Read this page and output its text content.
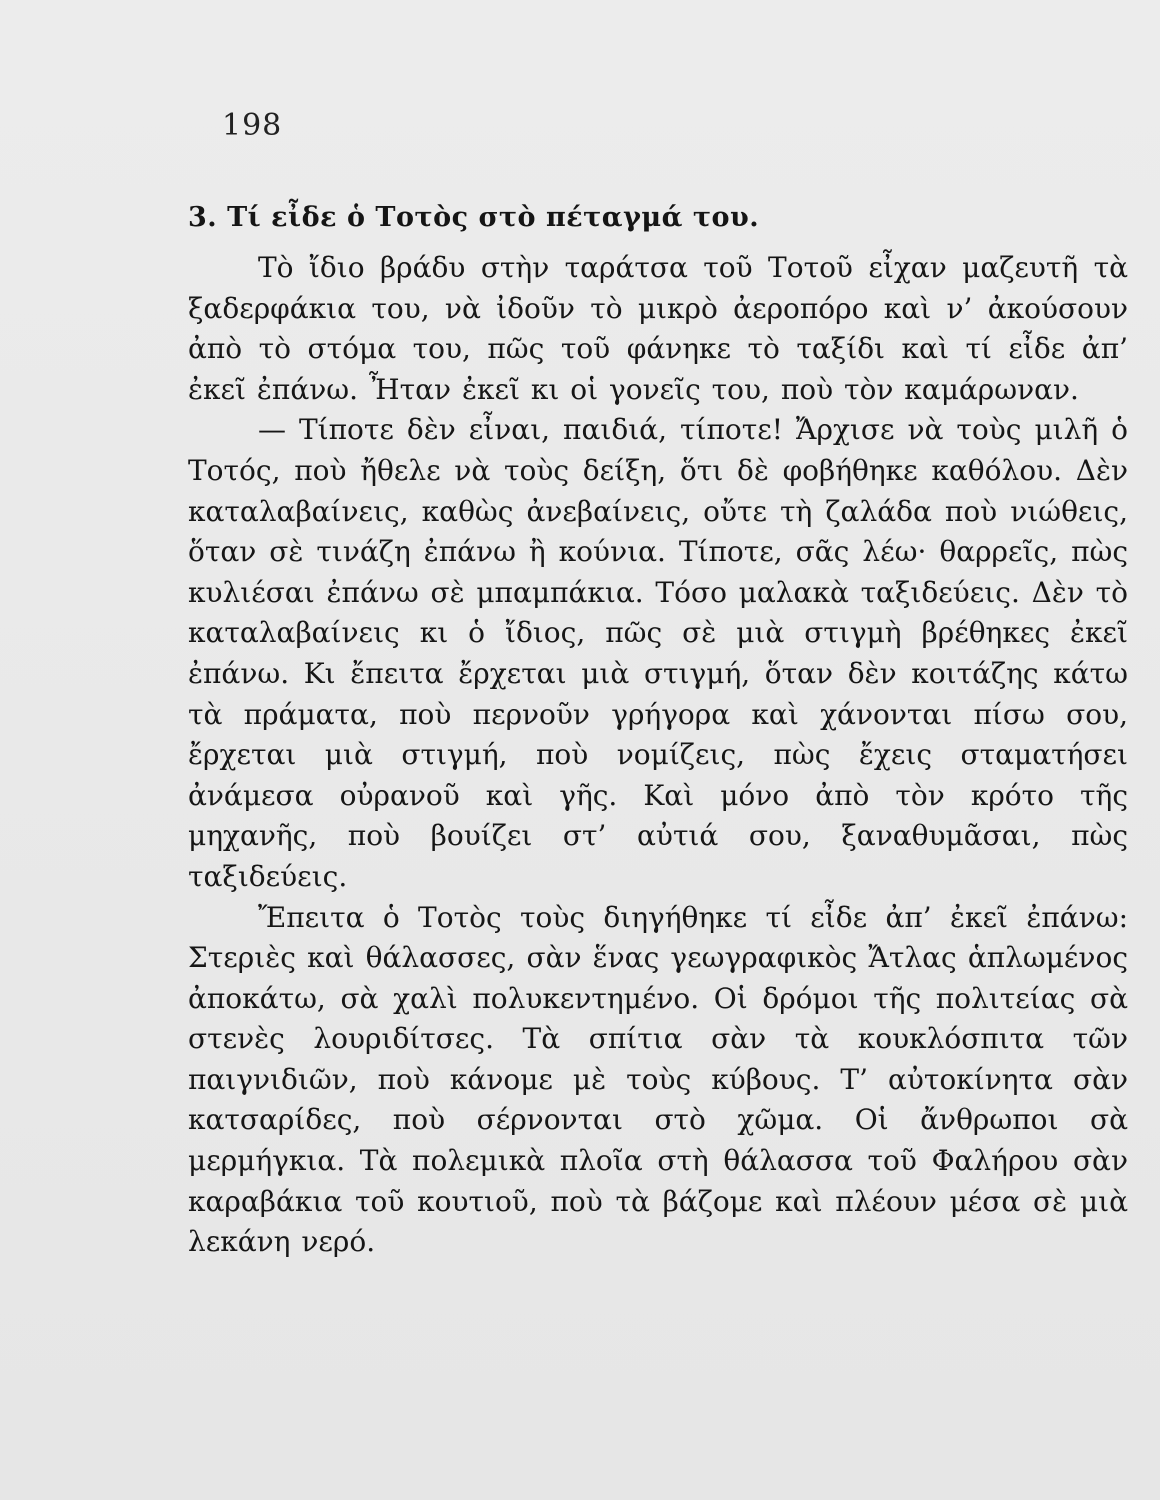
198
3. Τί εἶδε ὁ Τοτὸς στὸ πέταγμά του.

Τὸ ἴδιο βράδυ στὴν ταράτσα τοῦ Τοτοῦ εἶχαν μαζευτῆ τὰ ξαδερφάκια του, νὰ ἰδοῦν τὸ μικρὸ ἀεροπόρο καὶ ν’ ἀκούσουν ἀπὸ τὸ στόμα του, πῶς τοῦ φάνηκε τὸ ταξίδι καὶ τί εἶδε ἀπ’ ἐκεῖ ἐπάνω. Ἦταν ἐκεῖ κι οἱ γονεῖς του, ποὺ τὸν καμάρωναν.

— Τίποτε δὲν εἶναι, παιδιά, τίποτε! Ἄρχισε νὰ τοὺς μιλῆ ὁ Τοτός, ποὺ ἤθελε νὰ τοὺς δείξη, ὅτι δὲ φοβήθηκε καθόλου. Δὲν καταλαβαίνεις, καθὼς ἀνεβαίνεις, οὔτε τὴ ζαλάδα ποὺ νιώθεις, ὅταν σὲ τινάζη ἐπάνω ἢ κούνια. Τίποτε, σᾶς λέω· θαρρεῖς, πὼς κυλιέσαι ἐπάνω σὲ μπαμπάκια. Τόσο μαλακὰ ταξιδεύεις. Δὲν τὸ καταλαβαίνεις κι ὁ ἴδιος, πῶς σὲ μιὰ στιγμὴ βρέθηκες ἐκεῖ ἐπάνω. Κι ἔπειτα ἔρχεται μιὰ στιγμή, ὅταν δὲν κοιτάζης κάτω τὰ πράματα, ποὺ περνοῦν γρήγορα καὶ χάνονται πίσω σου, ἔρχεται μιὰ στιγμή, ποὺ νομίζεις, πὼς ἔχεις σταματήσει ἀνάμεσα οὐρανοῦ καὶ γῆς. Καὶ μόνο ἀπὸ τὸν κρότο τῆς μηχανῆς, ποὺ βουίζει στ’ αὐτιά σου, ξαναθυμᾶσαι, πὼς ταξιδεύεις.

Ἔπειτα ὁ Τοτὸς τοὺς διηγήθηκε τί εἶδε ἀπ’ ἐκεῖ ἐπάνω: Στεριὲς καὶ θάλασσες, σὰν ἕνας γεωγραφικὸς Ἄτλας ἁπλωμένος ἀποκάτω, σὰ χαλὶ πολυκεντημένο. Οἱ δρόμοι τῆς πολιτείας σὰ στενὲς λουριδίτσες. Τὰ σπίτια σὰν τὰ κουκλόσπιτα τῶν παιγνιδιῶν, ποὺ κάνομε μὲ τοὺς κύβους. Τ’ αὐτοκίνητα σὰν κατσαρίδες, ποὺ σέρνονται στὸ χῶμα. Οἱ ἄνθρωποι σὰ μερμήγκια. Τὰ πολεμικὰ πλοῖα στὴ θάλασσα τοῦ Φαλήρου σὰν καραβάκια τοῦ κουτιοῦ, ποὺ τὰ βάζομε καὶ πλέουν μέσα σὲ μιὰ λεκάνη νερό.
